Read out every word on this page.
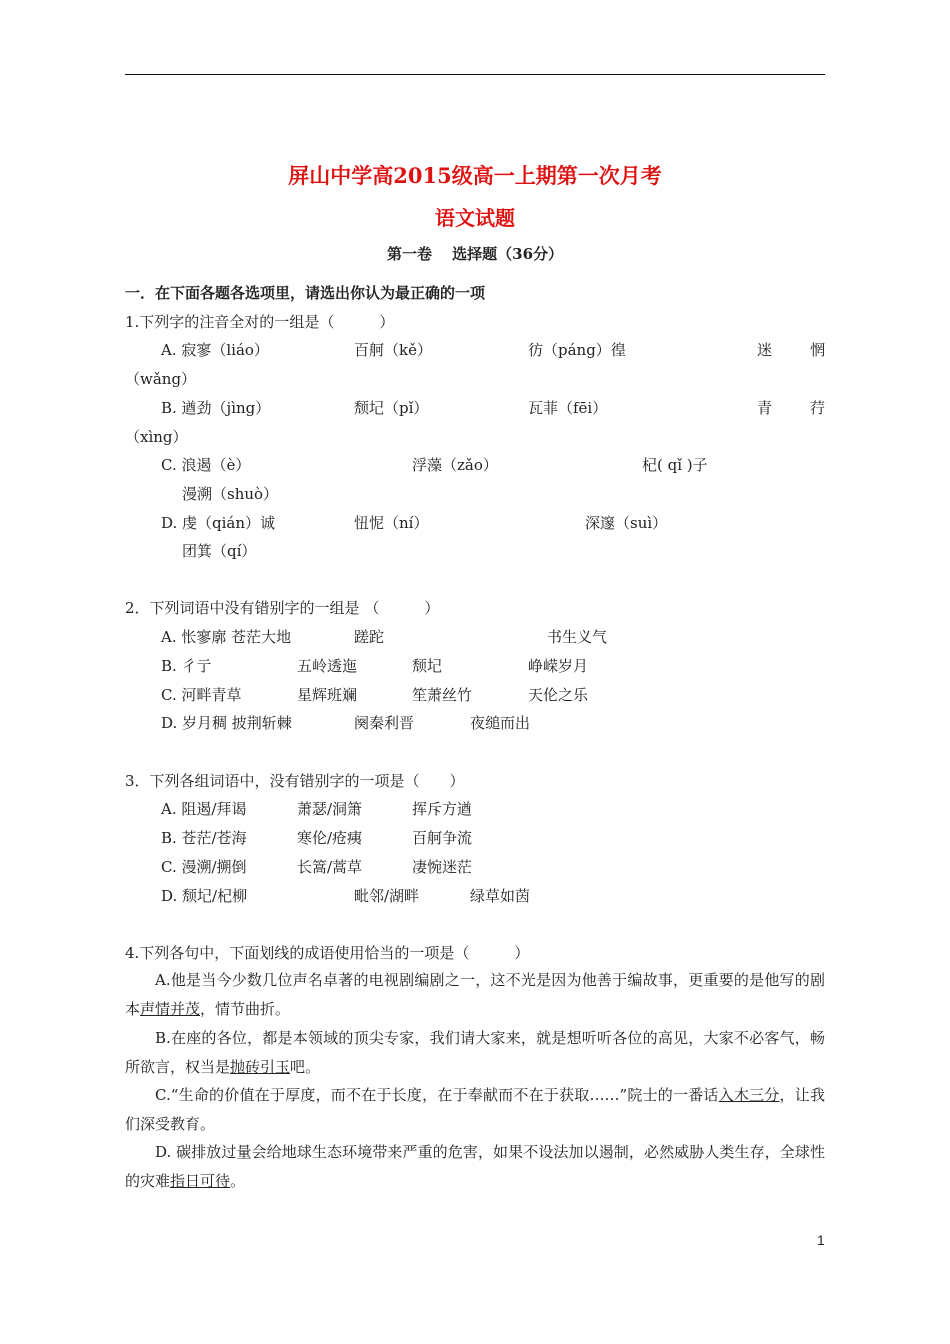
屏山中学高2015级高一上期第一次月考
语文试题
第一卷　 选择题（36分）
一．在下面各题各选项里，请选出你认为最正确的一项
1.下列字的注音全对的一组是（　　　）
A. 寂寥（liáo）	百舸（kě）	彷（páng）徨	迷	惘
（wǎng）
B. 遒劲（jìng）	颓圮（pǐ）	瓦菲（fēi）	青	荇
（xìng）
C. 浪遏（è）	浮藻（zǎo）	杞( qǐ )子
漫溯（shuò）
D. 虔（qián）诚	忸怩（ní）	深邃（suì）
团箕（qí）
2．下列词语中没有错别字的一组是 （　　　）
A. 怅寥廓 苍茫大地	蹉跎	书生义气
B. 彳亍	五岭透迤	颓圮	峥嵘岁月
C. 河畔青草	星辉班斓	笙萧丝竹	天伦之乐
D. 岁月稠 披荆斩棘	阕秦利晋	夜缒而出
3．下列各组词语中，没有错别字的一项是（　　）
A. 阻遏/拜谒	萧瑟/洞箫	挥斥方遒
B. 苍茫/苍海	寒伦/疮痍	百舸争流
C. 漫溯/搠倒	长篙/蒿草	凄惋迷茫
D. 颓圮/杞柳	毗邻/湖畔	绿草如茵
4.下列各句中，下面划线的成语使用恰当的一项是（　　　）
A.他是当今少数几位声名卓著的电视剧编剧之一，这不光是因为他善于编故事，更重要的是他写的剧本声情并茂，情节曲折。
B.在座的各位，都是本领域的顶尖专家，我们请大家来，就是想听听各位的高见，大家不必客气，畅所欲言，权当是抛砖引玉吧。
C.“生命的价值在于厚度，而不在于长度，在于奉献而不在于获取……”院士的一番话入木三分，让我们深受教育。
D. 碳排放过量会给地球生态环境带来严重的危害，如果不设法加以遏制，必然威胁人类生存，全球性的灾难指日可待。
1
